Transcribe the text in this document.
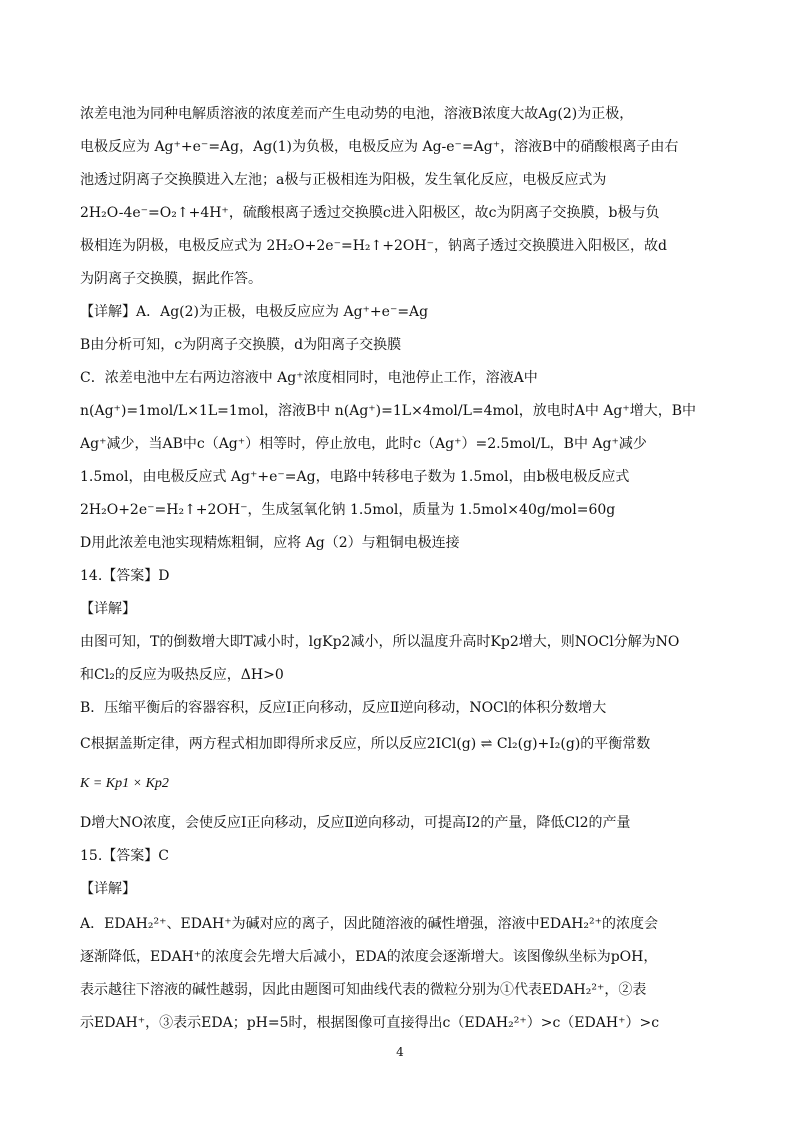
浓差电池为同种电解质溶液的浓度差而产生电动势的电池，溶液B浓度大故Ag(2)为正极，
电极反应为 Ag⁺+e⁻=Ag，Ag(1)为负极，电极反应为 Ag-e⁻=Ag⁺，溶液B中的硝酸根离子由右
池透过阴离子交换膜进入左池；a极与正极相连为阳极，发生氧化反应，电极反应式为
2H₂O-4e⁻=O₂↑+4H⁺，硫酸根离子透过交换膜c进入阳极区，故c为阴离子交换膜，b极与负
极相连为阴极，电极反应式为 2H₂O+2e⁻=H₂↑+2OH⁻，钠离子透过交换膜进入阳极区，故d
为阴离子交换膜，据此作答。
【详解】A．Ag(2)为正极，电极反应应为 Ag⁺+e⁻=Ag
B由分析可知，c为阴离子交换膜，d为阳离子交换膜
C．浓差电池中左右两边溶液中 Ag⁺浓度相同时，电池停止工作，溶液A中
n(Ag⁺)=1mol/L×1L=1mol，溶液B中 n(Ag⁺)=1L×4mol/L=4mol，放电时A中 Ag⁺增大，B中
Ag⁺减少，当AB中c（Ag⁺）相等时，停止放电，此时c（Ag⁺）=2.5mol/L，B中 Ag⁺减少
1.5mol，由电极反应式 Ag⁺+e⁻=Ag，电路中转移电子数为 1.5mol，由b极电极反应式
2H₂O+2e⁻=H₂↑+2OH⁻，生成氢氧化钠 1.5mol，质量为 1.5mol×40g/mol=60g
D用此浓差电池实现精炼粗铜，应将 Ag（2）与粗铜电极连接
14.【答案】D
【详解】
由图可知，T的倒数增大即T减小时，lgKp2减小，所以温度升高时Kp2增大，则NOCl分解为NO
和Cl₂的反应为吸热反应，ΔH>0
B．压缩平衡后的容器容积，反应Ⅰ正向移动，反应Ⅱ逆向移动，NOCl的体积分数增大
C根据盖斯定律，两方程式相加即得所求反应，所以反应2ICl(g) ⇌ Cl₂(g)+I₂(g)的平衡常数
K = Kp1 × Kp2
D增大NO浓度，会使反应Ⅰ正向移动，反应Ⅱ逆向移动，可提高I2的产量，降低Cl2的产量
15.【答案】C
【详解】
A．EDAH₂²⁺、EDAH⁺为碱对应的离子，因此随溶液的碱性增强，溶液中EDAH₂²⁺的浓度会
逐渐降低，EDAH⁺的浓度会先增大后减小，EDA的浓度会逐渐增大。该图像纵坐标为pOH，
表示越往下溶液的碱性越弱，因此由题图可知曲线代表的微粒分别为①代表EDAH₂²⁺，②表
示EDAH⁺，③表示EDA；pH=5时，根据图像可直接得出c（EDAH₂²⁺）>c（EDAH⁺）>c
4
